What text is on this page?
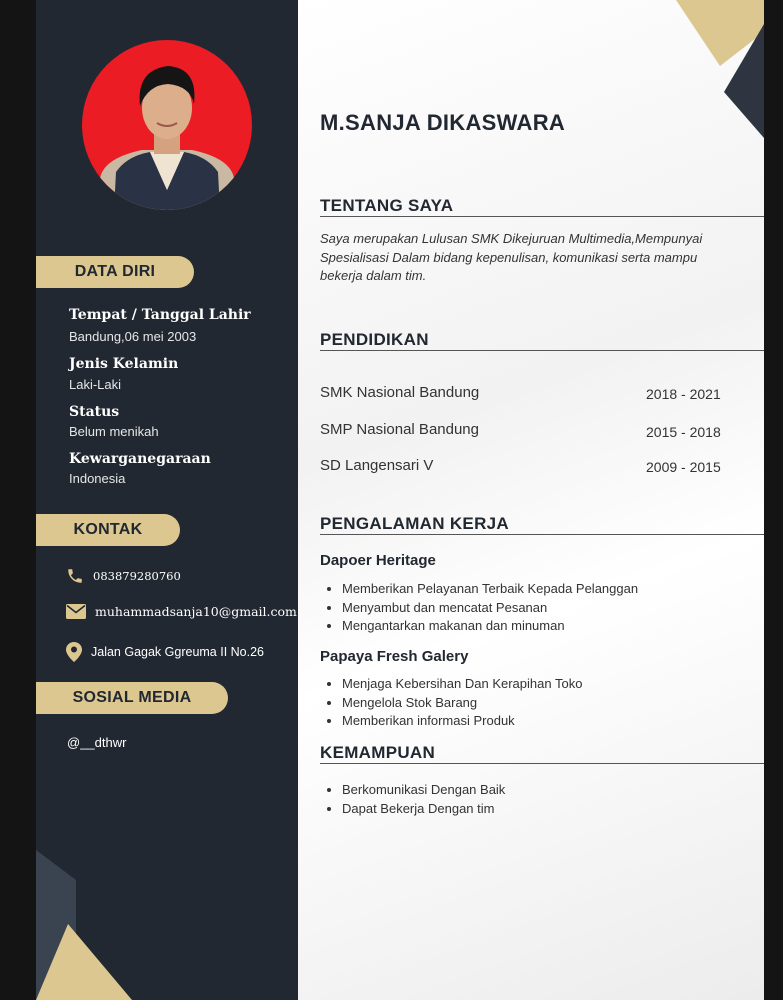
DATA DIRI
Tempat / Tanggal Lahir
Bandung,06 mei 2003
Jenis Kelamin
Laki-Laki
Status
Belum menikah
Kewarganegaraan
Indonesia
KONTAK
083879280760
muhammadsanja10@gmail.com
Jalan Gagak Ggreuma II No.26
SOSIAL MEDIA
@__dthwr
M.SANJA DIKASWARA
TENTANG SAYA
Saya merupakan Lulusan SMK Dikejuruan Multimedia,Mempunyai Spesialisasi Dalam bidang kepenulisan, komunikasi serta mampu bekerja dalam tim.
PENDIDIKAN
SMK Nasional Bandung	2018 - 2021
SMP Nasional Bandung	2015 - 2018
SD Langensari V	2009 - 2015
PENGALAMAN KERJA
Dapoer Heritage
• Memberikan Pelayanan Terbaik Kepada Pelanggan
• Menyambut dan mencatat Pesanan
• Mengantarkan makanan dan minuman
Papaya Fresh Galery
• Menjaga Kebersihan Dan Kerapihan Toko
• Mengelola Stok Barang
• Memberikan informasi Produk
KEMAMPUAN
• Berkomunikasi Dengan Baik
• Dapat Bekerja Dengan tim
